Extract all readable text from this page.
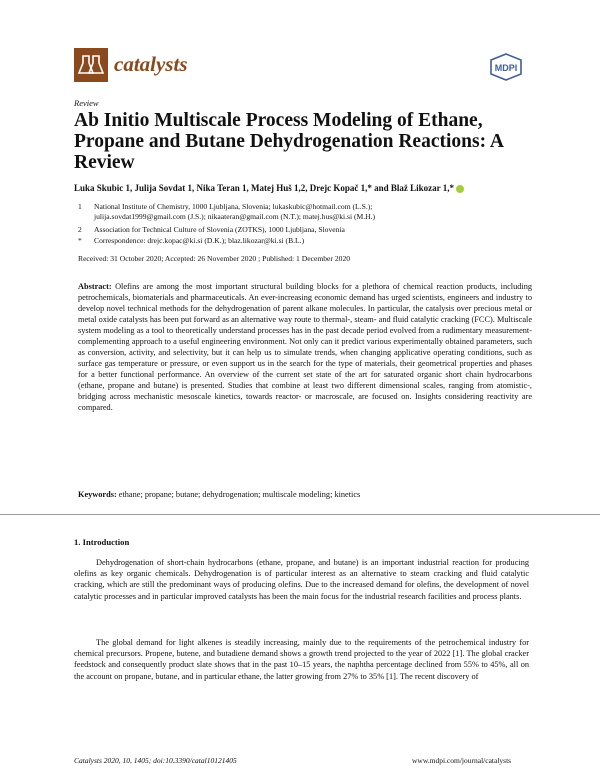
catalysts	MDPI
Review
Ab Initio Multiscale Process Modeling of Ethane, Propane and Butane Dehydrogenation Reactions: A Review
Luka Skubic 1, Julija Sovdat 1, Nika Teran 1, Matej Huš 1,2, Drejc Kopač 1,* and Blaž Likozar 1,*
1 National Institute of Chemistry, 1000 Ljubljana, Slovenia; lukaskubic@hotmail.com (L.S.);
julija.sovdat1999@gmail.com (J.S.); nikaateran@gmail.com (N.T.); matej.hus@ki.si (M.H.)
2 Association for Technical Culture of Slovenia (ZOTKS), 1000 Ljubljana, Slovenia
* Correspondence: drejc.kopac@ki.si (D.K.); blaz.likozar@ki.si (B.L.)
Received: 31 October 2020; Accepted: 26 November 2020 ; Published: 1 December 2020
Abstract: Olefins are among the most important structural building blocks for a plethora of chemical reaction products, including petrochemicals, biomaterials and pharmaceuticals. An ever-increasing economic demand has urged scientists, engineers and industry to develop novel technical methods for the dehydrogenation of parent alkane molecules. In particular, the catalysis over precious metal or metal oxide catalysts has been put forward as an alternative way route to thermal-, steam- and fluid catalytic cracking (FCC). Multiscale system modeling as a tool to theoretically understand processes has in the past decade period evolved from a rudimentary measurement-complementing approach to a useful engineering environment. Not only can it predict various experimentally obtained parameters, such as conversion, activity, and selectivity, but it can help us to simulate trends, when changing applicative operating conditions, such as surface gas temperature or pressure, or even support us in the search for the type of materials, their geometrical properties and phases for a better functional performance. An overview of the current set state of the art for saturated organic short chain hydrocarbons (ethane, propane and butane) is presented. Studies that combine at least two different dimensional scales, ranging from atomistic-, bridging across mechanistic mesoscale kinetics, towards reactor- or macroscale, are focused on. Insights considering reactivity are compared.
Keywords: ethane; propane; butane; dehydrogenation; multiscale modeling; kinetics
1. Introduction
Dehydrogenation of short-chain hydrocarbons (ethane, propane, and butane) is an important industrial reaction for producing olefins as key organic chemicals. Dehydrogenation is of particular interest as an alternative to steam cracking and fluid catalytic cracking, which are still the predominant ways of producing olefins. Due to the increased demand for olefins, the development of novel catalytic processes and in particular improved catalysts has been the main focus for the industrial research facilities and process plants.
The global demand for light alkenes is steadily increasing, mainly due to the requirements of the petrochemical industry for chemical precursors. Propene, butene, and butadiene demand shows a growth trend projected to the year of 2022 [1]. The global cracker feedstock and consequently product slate shows that in the past 10–15 years, the naphtha percentage declined from 55% to 45%, all on the account on propane, butane, and in particular ethane, the latter growing from 27% to 35% [1]. The recent discovery of
Catalysts 2020, 10, 1405; doi:10.3390/catal10121405	www.mdpi.com/journal/catalysts
